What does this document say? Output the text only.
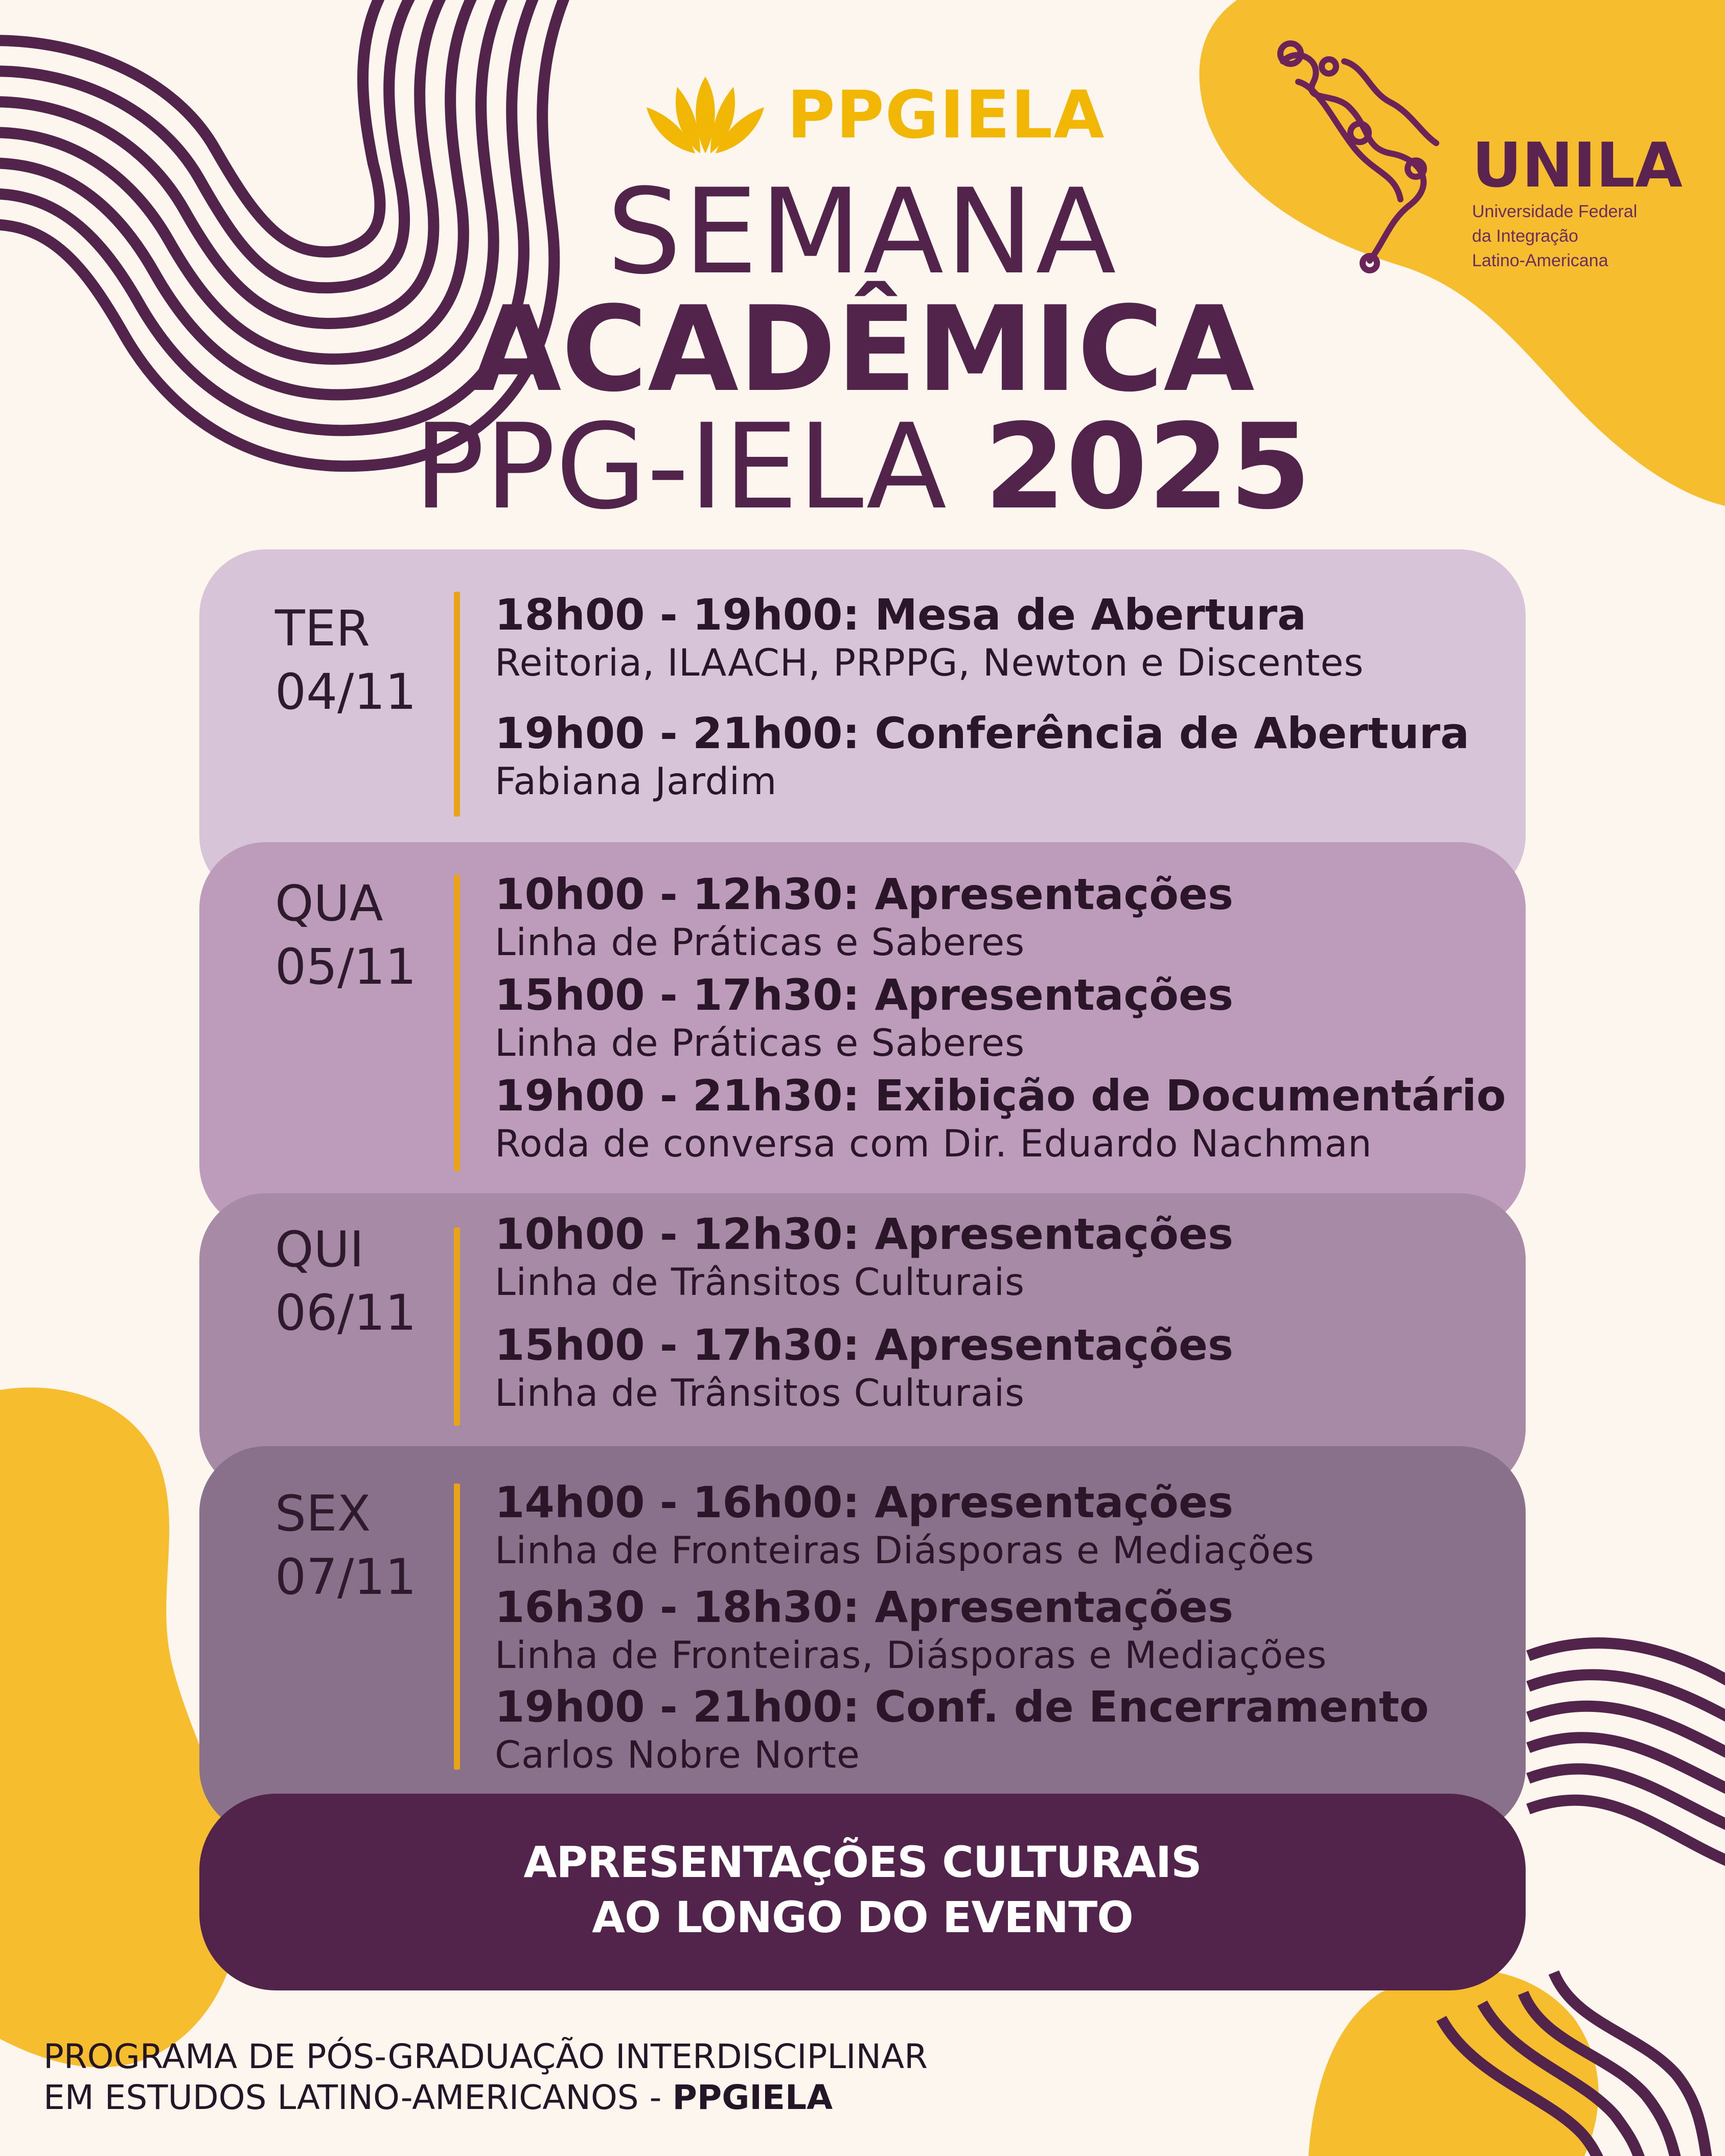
PPGIELA
UNILA
Universidade Federal
da Integração
Latino-Americana
SEMANA
ACADÊMICA
PPG-IELA 2025
TER
04/11
18h00 - 19h00: Mesa de Abertura
Reitoria, ILAACH, PRPPG, Newton e Discentes
19h00 - 21h00: Conferência de Abertura
Fabiana Jardim
QUA
05/11
10h00 - 12h30: Apresentações
Linha de Práticas e Saberes
15h00 - 17h30: Apresentações
Linha de Práticas e Saberes
19h00 - 21h30: Exibição de Documentário
Roda de conversa com Dir. Eduardo Nachman
QUI
06/11
10h00 - 12h30: Apresentações
Linha de Trânsitos Culturais
15h00 - 17h30: Apresentações
Linha de Trânsitos Culturais
SEX
07/11
14h00 - 16h00: Apresentações
Linha de Fronteiras Diásporas e Mediações
16h30 - 18h30: Apresentações
Linha de Fronteiras, Diásporas e Mediações
19h00 - 21h00: Conf. de Encerramento
Carlos Nobre Norte
APRESENTAÇÕES CULTURAIS
AO LONGO DO EVENTO
PROGRAMA DE PÓS-GRADUAÇÃO INTERDISCIPLINAR
EM ESTUDOS LATINO-AMERICANOS - PPGIELA
